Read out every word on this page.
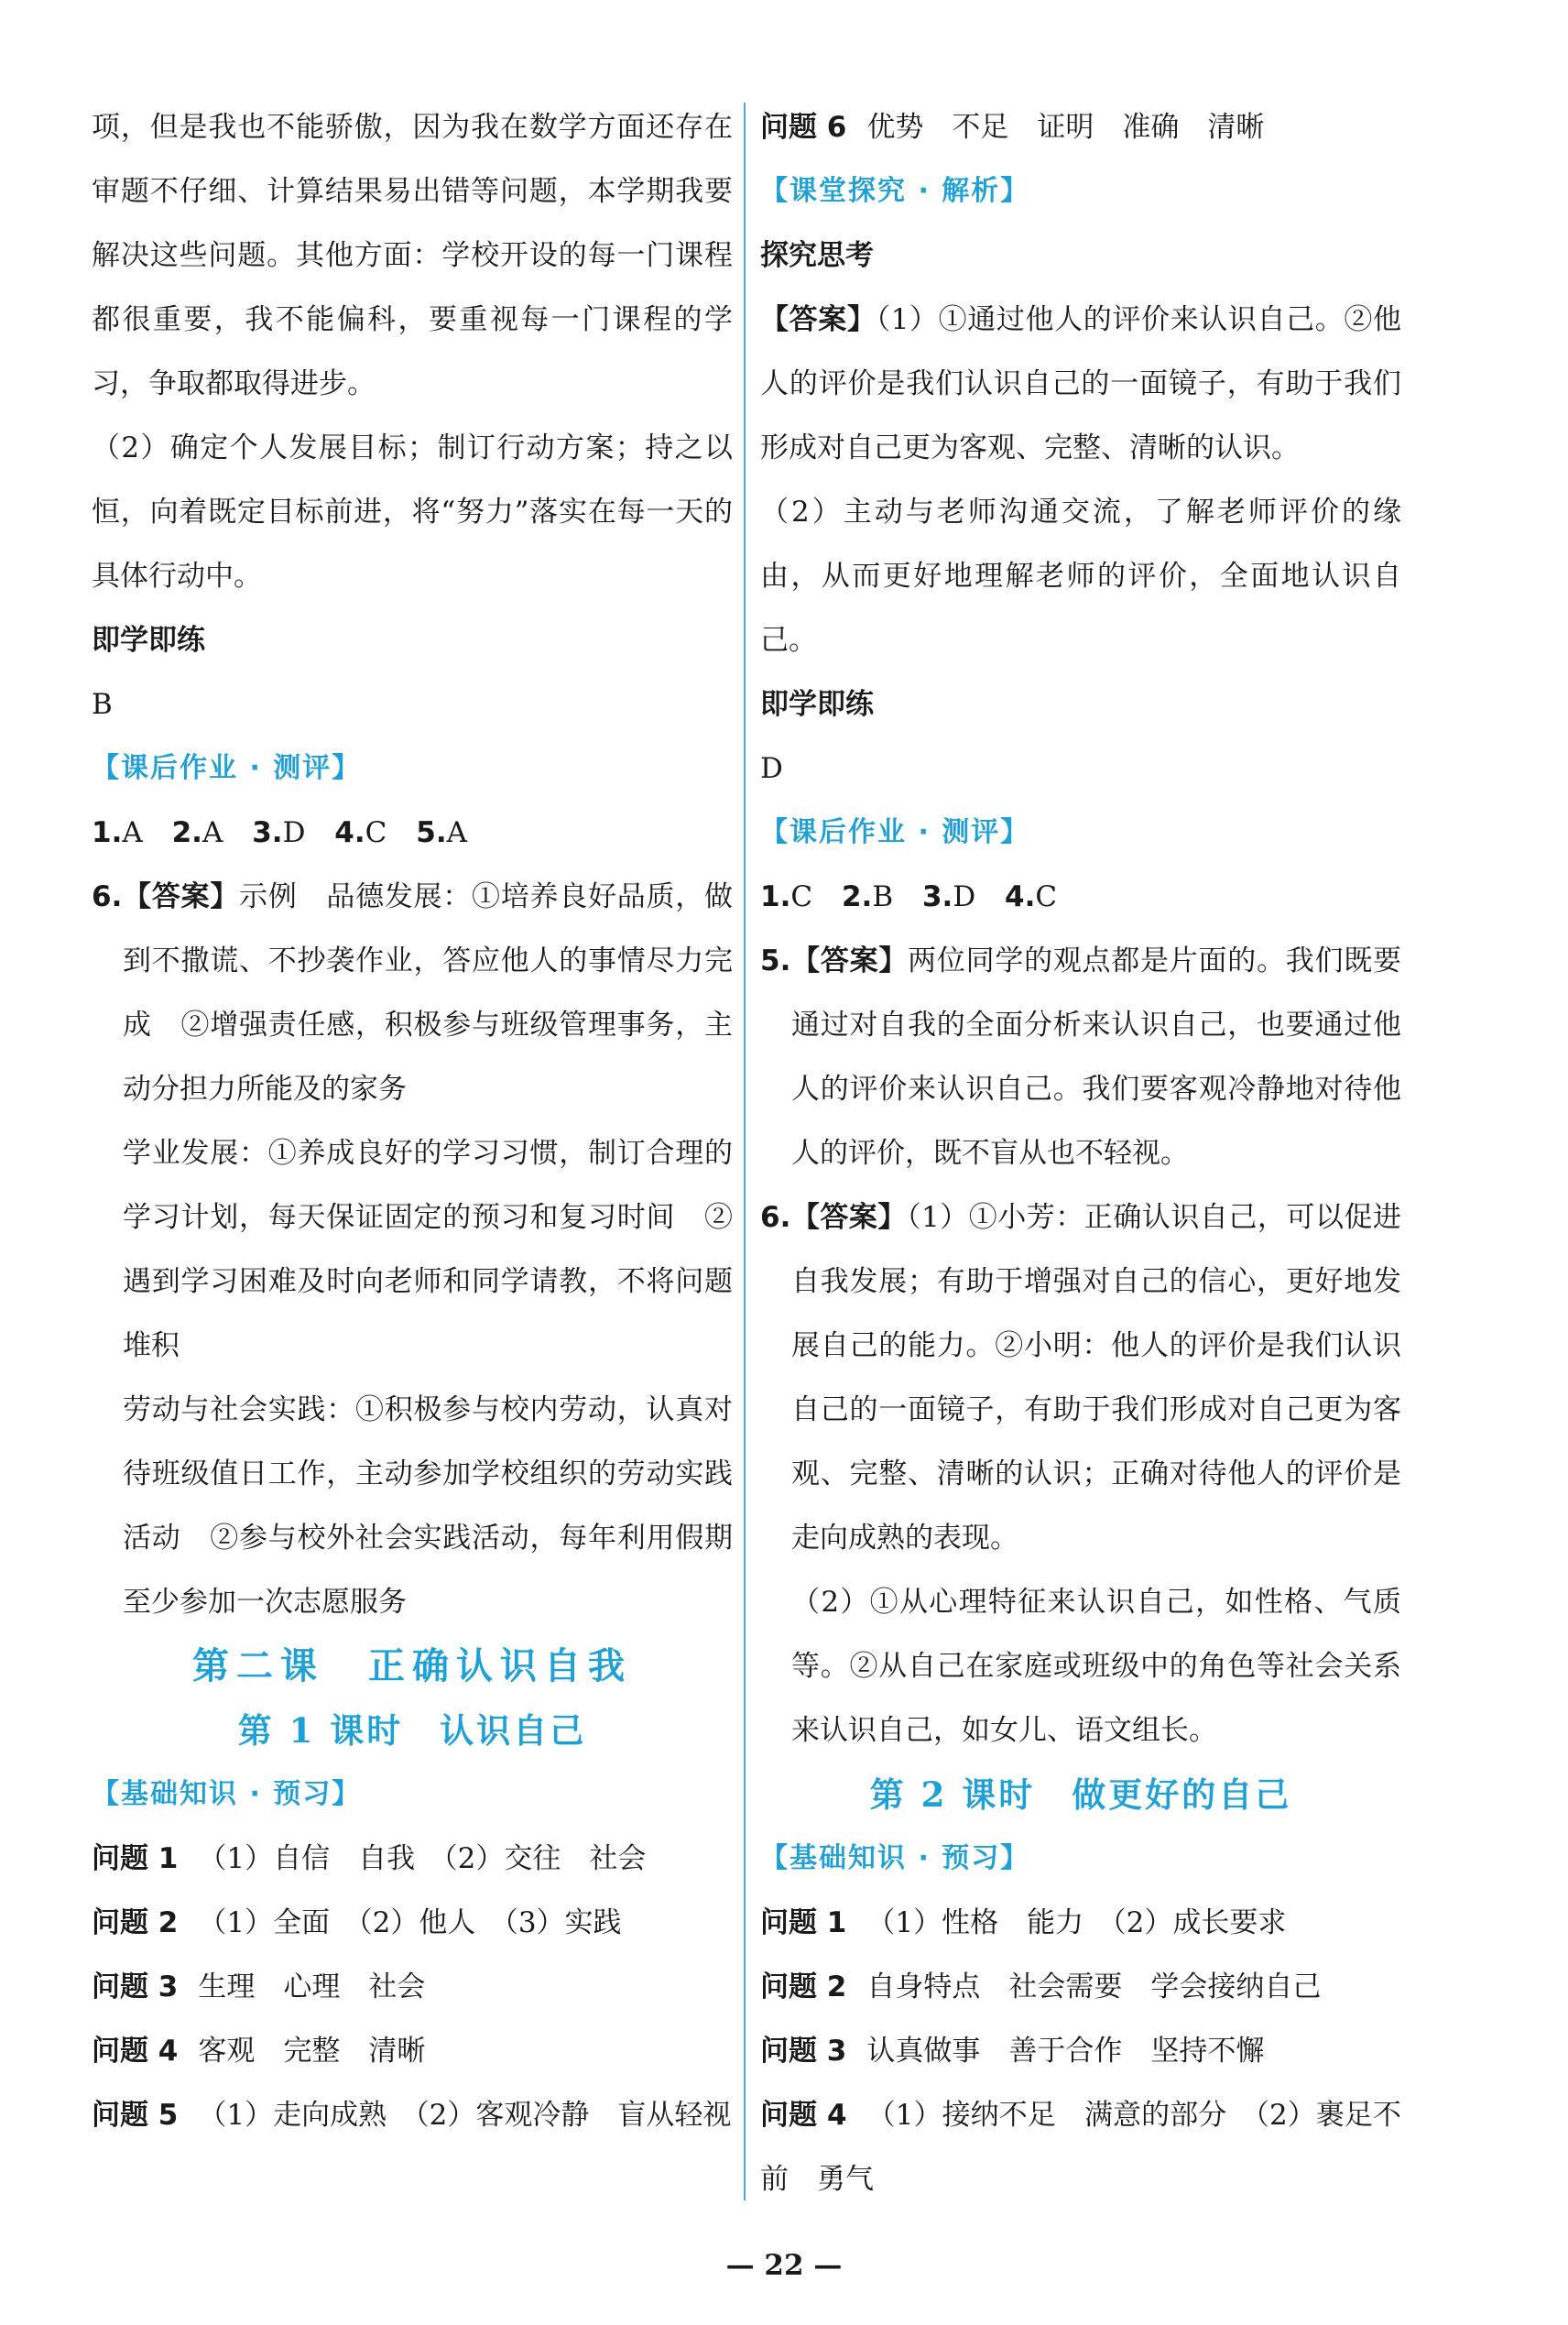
项，但是我也不能骄傲，因为我在数学方面还存在审题不仔细、计算结果易出错等问题，本学期我要解决这些问题。其他方面：学校开设的每一门课程都很重要，我不能偏科，要重视每一门课程的学习，争取都取得进步。

（2）确定个人发展目标；制订行动方案；持之以恒，向着既定目标前进，将“努力”落实在每一天的具体行动中。

即学即练

B

【课后作业 · 测评】

1.A 2.A 3.D 4.C 5.A

6.【答案】示例　品德发展：①培养良好品质，做到不撒谎、不抄袭作业，答应他人的事情尽力完成　②增强责任感，积极参与班级管理事务，主动分担力所能及的家务

学业发展：①养成良好的学习习惯，制订合理的学习计划，每天保证固定的预习和复习时间　②遇到学习困难及时向老师和同学请教，不将问题堆积

劳动与社会实践：①积极参与校内劳动，认真对待班级值日工作，主动参加学校组织的劳动实践活动　②参与校外社会实践活动，每年利用假期至少参加一次志愿服务

第二课　正确认识自我

第 1 课时　认识自己

【基础知识 · 预习】

问题 1 （1）自信　自我　（2）交往　社会

问题 2 （1）全面　（2）他人　（3）实践

问题 3 生理　心理　社会

问题 4 客观　完整　清晰

问题 5 （1）走向成熟　（2）客观冷静　盲从轻视

问题 6 优势　不足　证明　准确　清晰

【课堂探究 · 解析】

探究思考

【答案】（1）①通过他人的评价来认识自己。②他人的评价是我们认识自己的一面镜子，有助于我们形成对自己更为客观、完整、清晰的认识。

（2）主动与老师沟通交流，了解老师评价的缘由，从而更好地理解老师的评价，全面地认识自己。

即学即练

D

【课后作业 · 测评】

1.C 2.B 3.D 4.C

5.【答案】两位同学的观点都是片面的。我们既要通过对自我的全面分析来认识自己，也要通过他人的评价来认识自己。我们要客观冷静地对待他人的评价，既不盲从也不轻视。

6.【答案】（1）①小芳：正确认识自己，可以促进自我发展；有助于增强对自己的信心，更好地发展自己的能力。②小明：他人的评价是我们认识自己的一面镜子，有助于我们形成对自己更为客观、完整、清晰的认识；正确对待他人的评价是走向成熟的表现。

（2）①从心理特征来认识自己，如性格、气质等。②从自己在家庭或班级中的角色等社会关系来认识自己，如女儿、语文组长。

第 2 课时　做更好的自己

【基础知识 · 预习】

问题 1 （1）性格　能力　（2）成长要求

问题 2 自身特点　社会需要　学会接纳自己

问题 3 认真做事　善于合作　坚持不懈

问题 4 （1）接纳不足　满意的部分　（2）裹足不前　勇气

— 22 —
